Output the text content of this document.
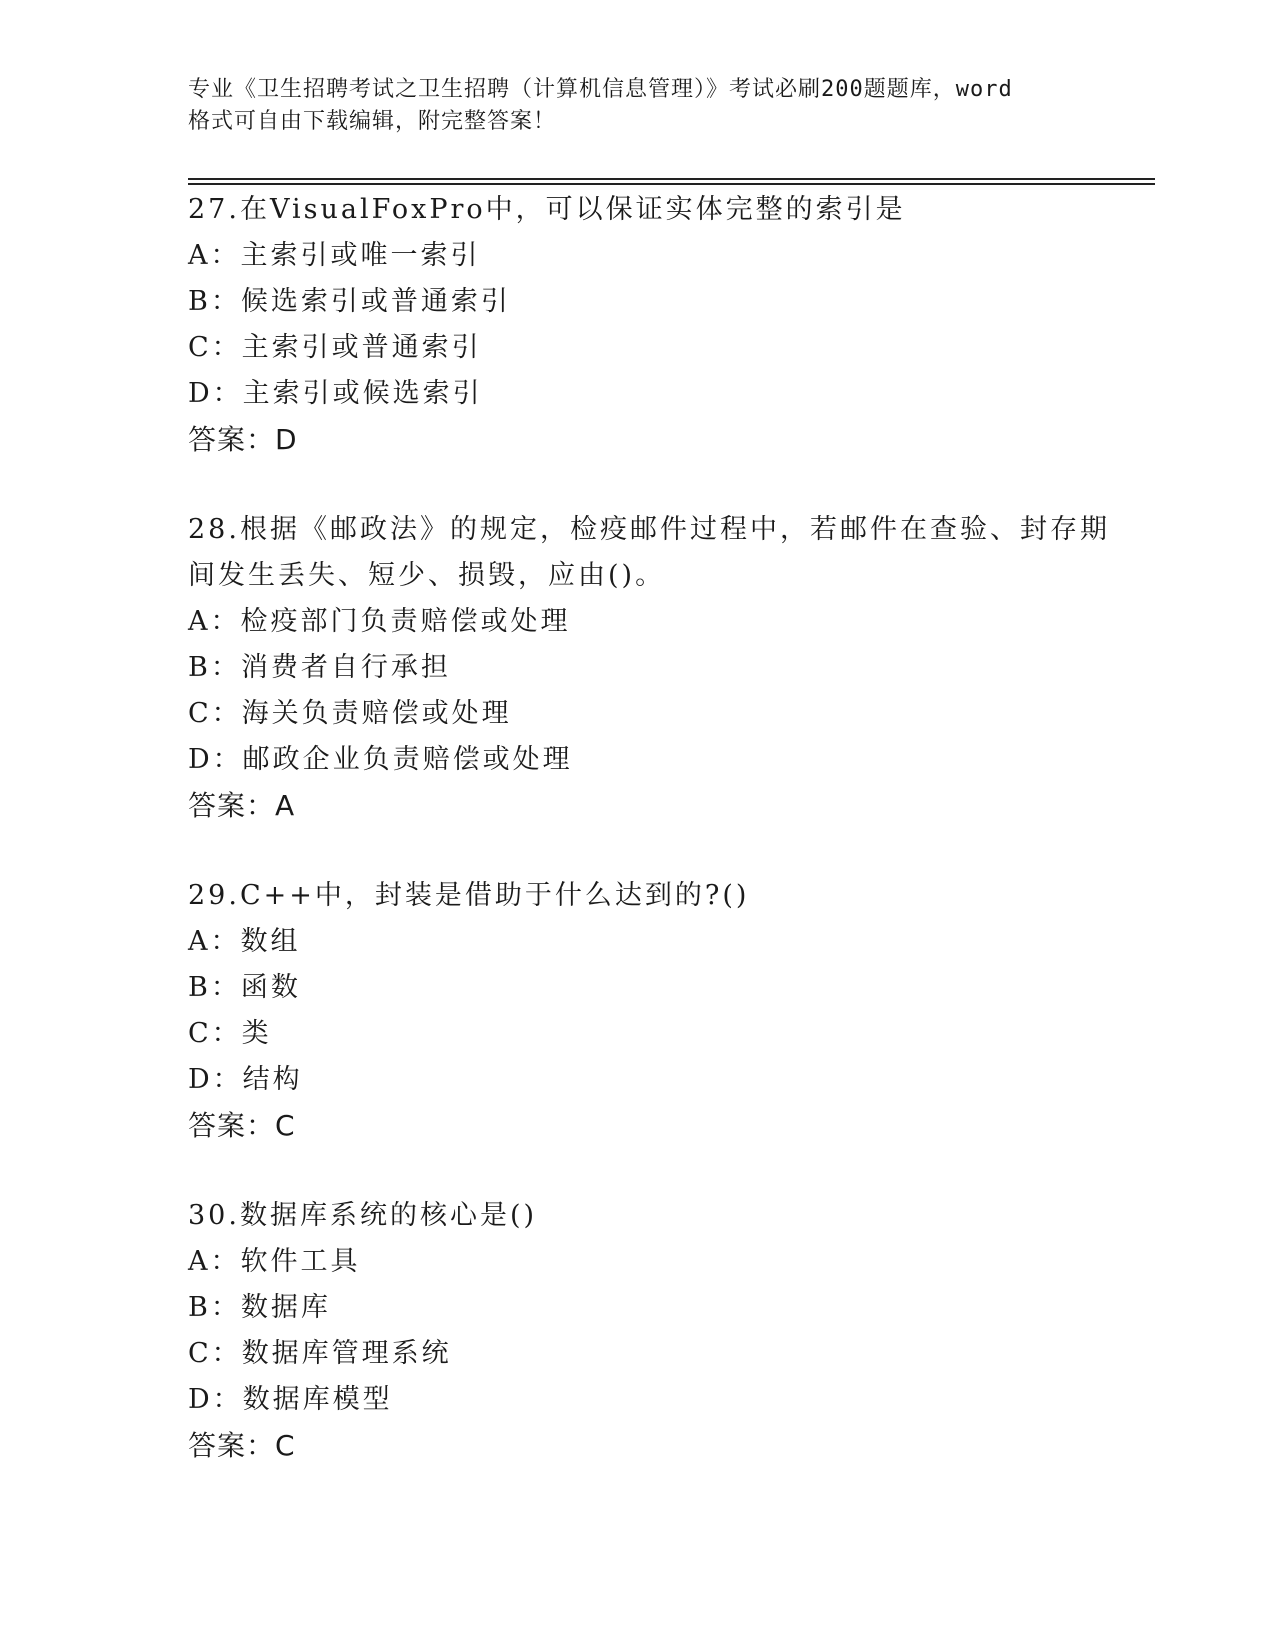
专业《卫生招聘考试之卫生招聘（计算机信息管理）》考试必刷200题题库，word
格式可自由下载编辑，附完整答案！
27.在VisualFoxPro中，可以保证实体完整的索引是
A：主索引或唯一索引
B：候选索引或普通索引
C：主索引或普通索引
D：主索引或候选索引
答案：D
28.根据《邮政法》的规定，检疫邮件过程中，若邮件在查验、封存期
间发生丢失、短少、损毁，应由()。
A：检疫部门负责赔偿或处理
B：消费者自行承担
C：海关负责赔偿或处理
D：邮政企业负责赔偿或处理
答案：A
29.C++中，封装是借助于什么达到的?()
A：数组
B：函数
C：类
D：结构
答案：C
30.数据库系统的核心是()
A：软件工具
B：数据库
C：数据库管理系统
D：数据库模型
答案：C
